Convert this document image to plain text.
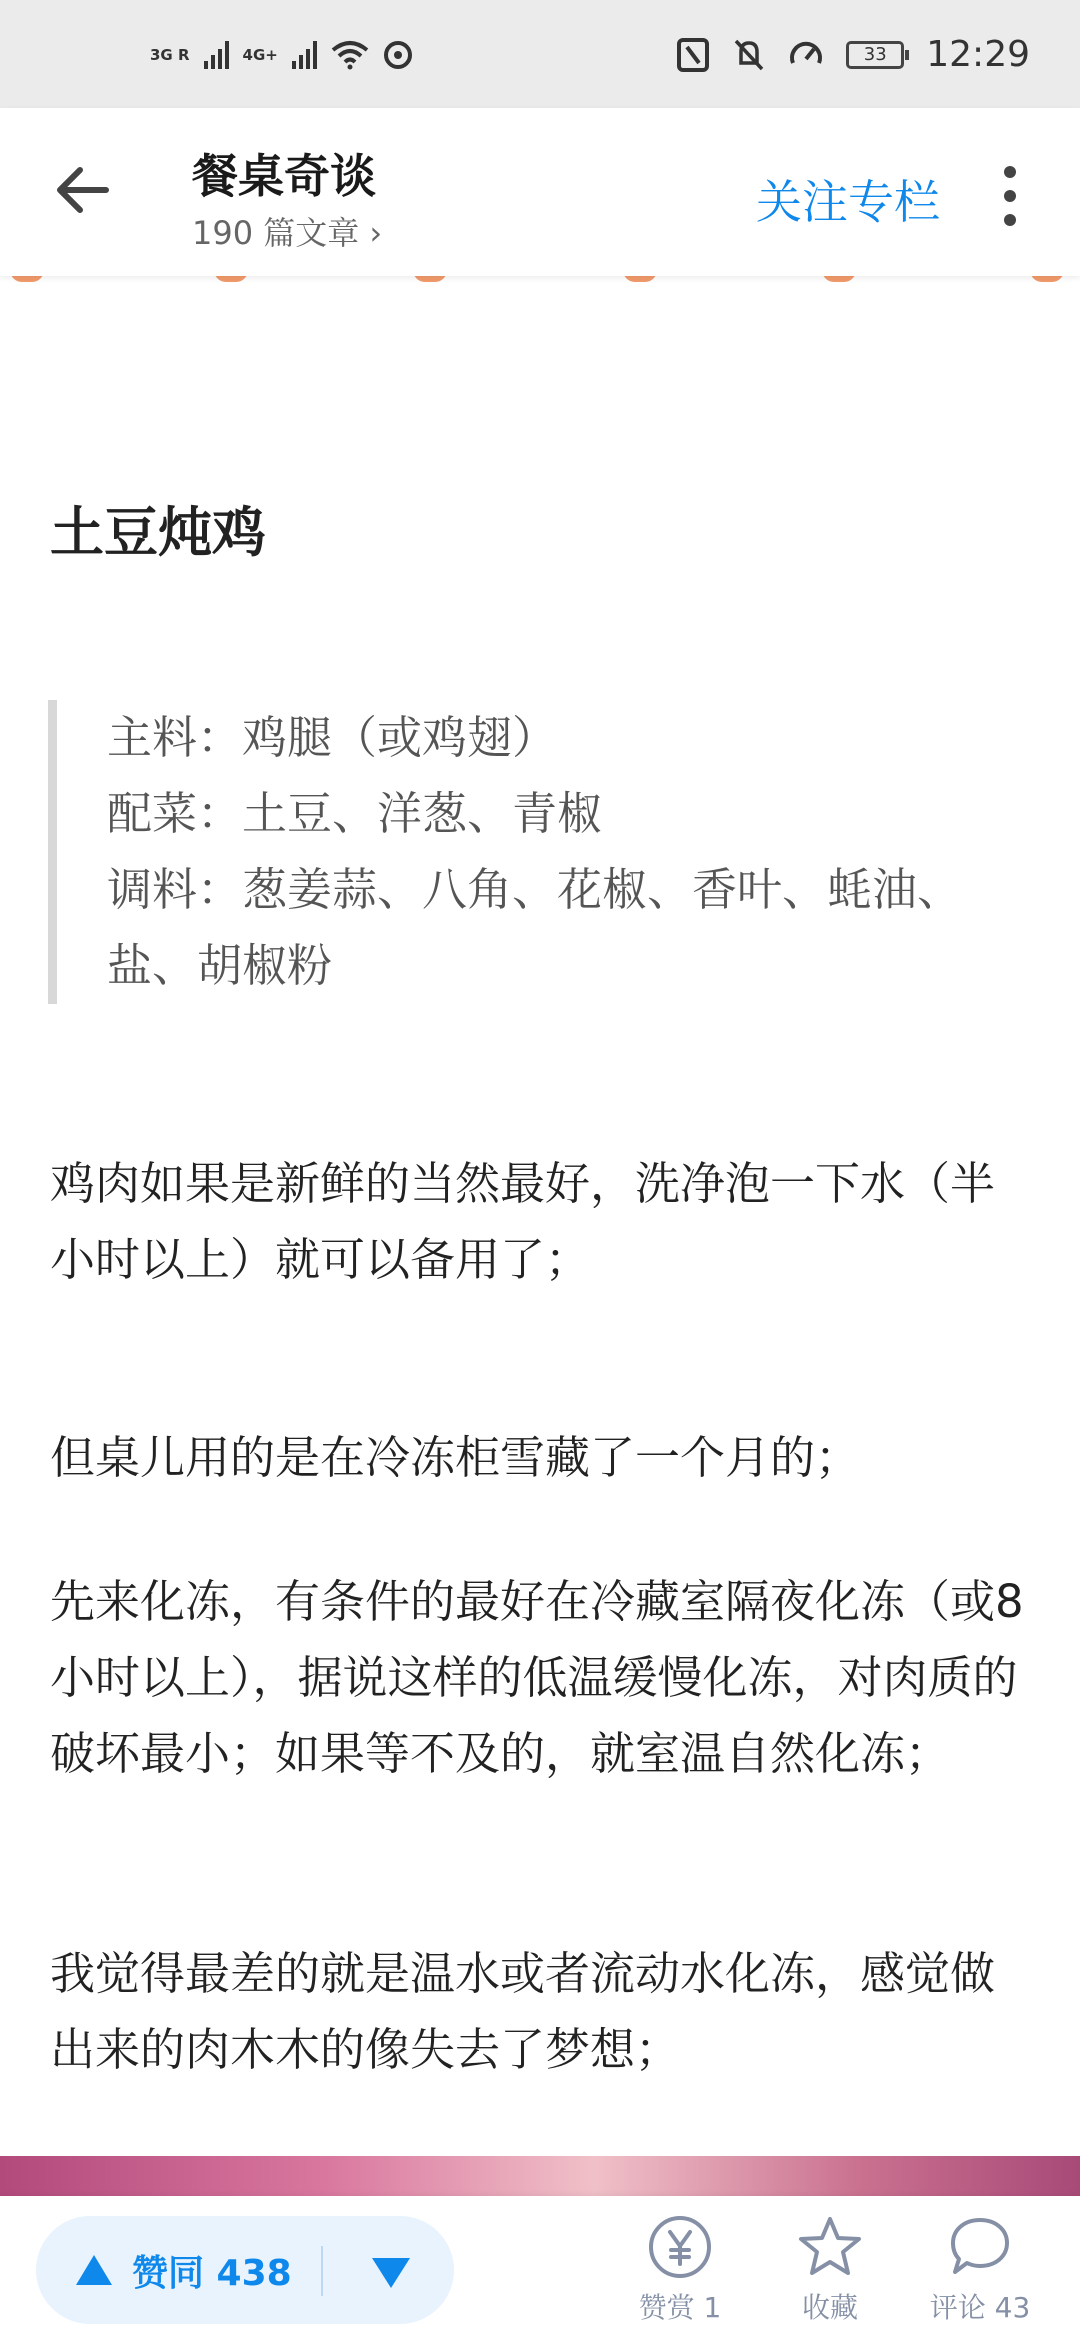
3G R	4G+	33	12:29
餐桌奇谈
190 篇文章 ›
关注专栏
土豆炖鸡
主料：鸡腿（或鸡翅）
配菜：土豆、洋葱、青椒
调料：葱姜蒜、八角、花椒、香叶、蚝油、盐、胡椒粉
鸡肉如果是新鲜的当然最好，洗净泡一下水（半小时以上）就可以备用了；
但桌儿用的是在冷冻柜雪藏了一个月的；
先来化冻，有条件的最好在冷藏室隔夜化冻（或8小时以上），据说这样的低温缓慢化冻，对肉质的破坏最小；如果等不及的，就室温自然化冻；
我觉得最差的就是温水或者流动水化冻，感觉做出来的肉木木的像失去了梦想；
赞同 438
赞赏 1	收藏	评论 43
